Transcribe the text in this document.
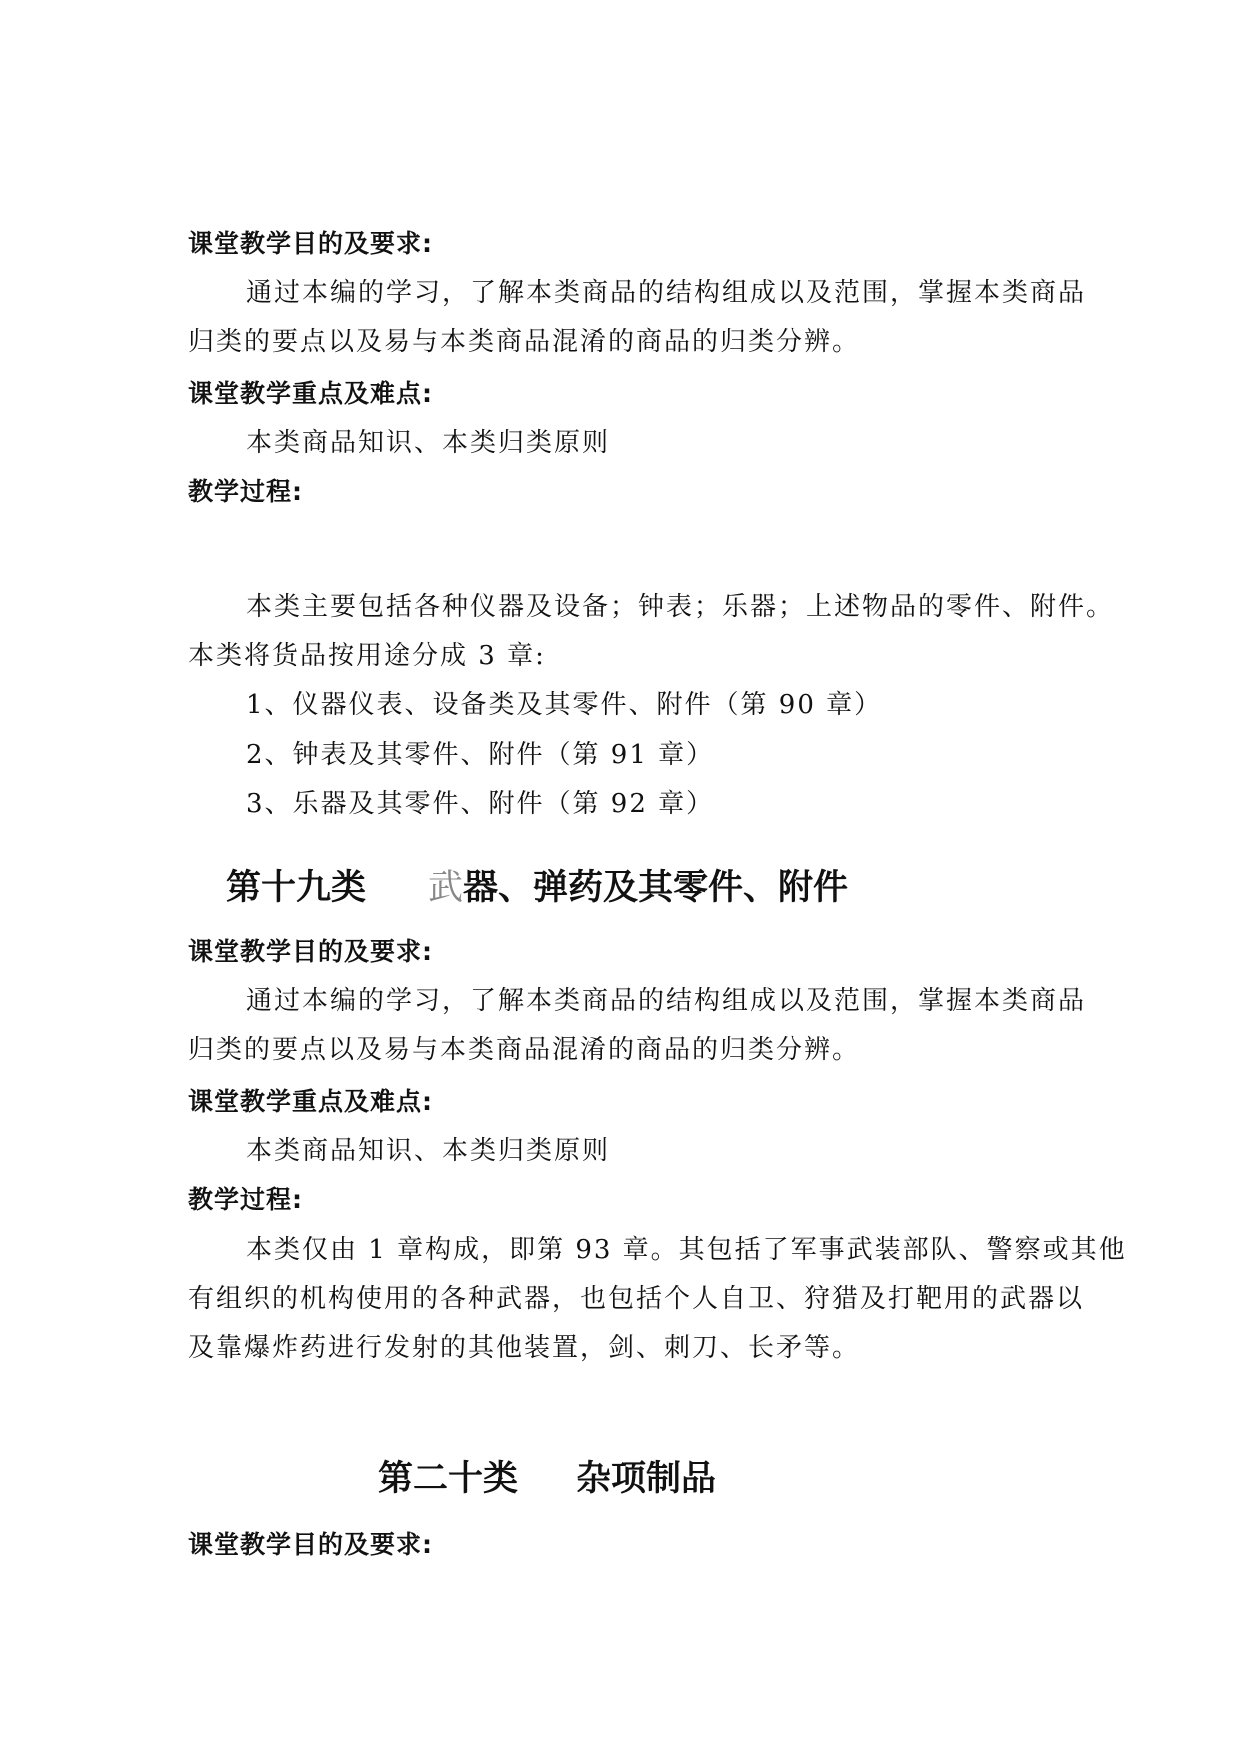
课堂教学目的及要求:
通过本编的学习，了解本类商品的结构组成以及范围，掌握本类商品
归类的要点以及易与本类商品混淆的商品的归类分辨。
课堂教学重点及难点:
本类商品知识、本类归类原则
教学过程:
本类主要包括各种仪器及设备；钟表；乐器；上述物品的零件、附件。
本类将货品按用途分成 3 章:
1、仪器仪表、设备类及其零件、附件（第 90 章）
2、钟表及其零件、附件（第 91 章）
3、乐器及其零件、附件（第 92 章）
第十九类 武器、弹药及其零件、附件
课堂教学目的及要求:
通过本编的学习，了解本类商品的结构组成以及范围，掌握本类商品
归类的要点以及易与本类商品混淆的商品的归类分辨。
课堂教学重点及难点:
本类商品知识、本类归类原则
教学过程:
本类仅由 1 章构成，即第 93 章。其包括了军事武装部队、警察或其他
有组织的机构使用的各种武器，也包括个人自卫、狩猎及打靶用的武器以
及靠爆炸药进行发射的其他装置，剑、刺刀、长矛等。
第二十类 杂项制品
课堂教学目的及要求:
